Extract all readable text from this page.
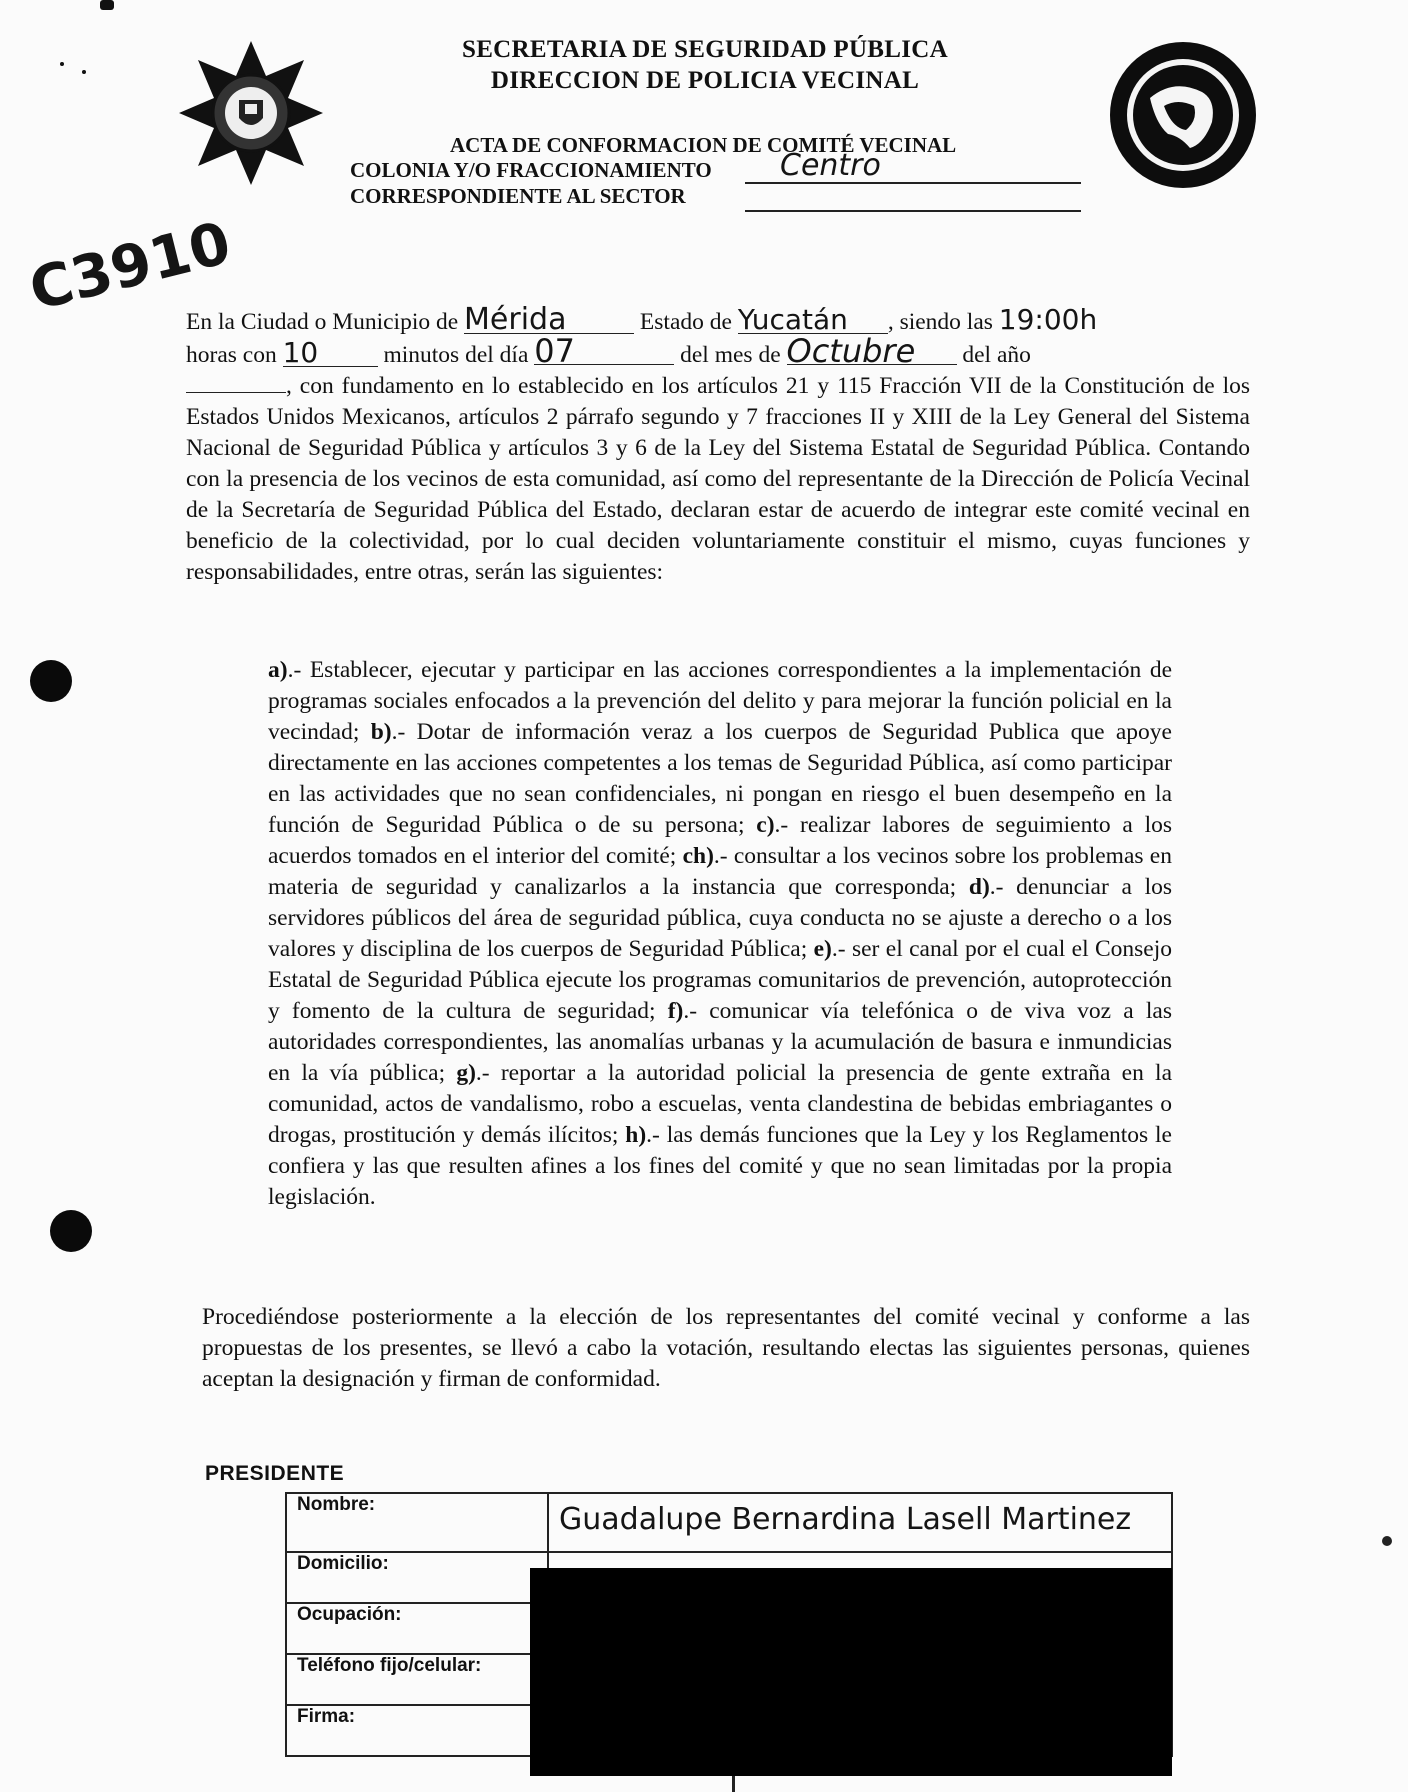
SECRETARIA DE SEGURIDAD PÚBLICA
DIRECCION DE POLICIA VECINAL
ACTA DE CONFORMACION DE COMITÉ VECINAL
COLONIA Y/O FRACCIONAMIENTO Centro
CORRESPONDIENTE AL SECTOR
C3910
En la Ciudad o Municipio de Mérida	Estado de Yucatán , siendo las 19:00h
horas con 10	minutos del día 07	del mes de Octubre del año
, con fundamento en lo establecido en los artículos 21 y 115 Fracción VII de la Constitución de los Estados Unidos Mexicanos, artículos 2 párrafo segundo y 7 fracciones II y XIII de la Ley General del Sistema Nacional de Seguridad Pública y artículos 3 y 6 de la Ley del Sistema Estatal de Seguridad Pública. Contando con la presencia de los vecinos de esta comunidad, así como del representante de la Dirección de Policía Vecinal de la Secretaría de Seguridad Pública del Estado, declaran estar de acuerdo de integrar este comité vecinal en beneficio de la colectividad, por lo cual deciden voluntariamente constituir el mismo, cuyas funciones y responsabilidades, entre otras, serán las siguientes:
a).- Establecer, ejecutar y participar en las acciones correspondientes a la implementación de programas sociales enfocados a la prevención del delito y para mejorar la función policial en la vecindad; b).- Dotar de información veraz a los cuerpos de Seguridad Publica que apoye directamente en las acciones competentes a los temas de Seguridad Pública, así como participar en las actividades que no sean confidenciales, ni pongan en riesgo el buen desempeño en la función de Seguridad Pública o de su persona; c).- realizar labores de seguimiento a los acuerdos tomados en el interior del comité; ch).- consultar a los vecinos sobre los problemas en materia de seguridad y canalizarlos a la instancia que corresponda; d).- denunciar a los servidores públicos del área de seguridad pública, cuya conducta no se ajuste a derecho o a los valores y disciplina de los cuerpos de Seguridad Pública; e).- ser el canal por el cual el Consejo Estatal de Seguridad Pública ejecute los programas comunitarios de prevención, autoprotección y fomento de la cultura de seguridad; f).- comunicar vía telefónica o de viva voz a las autoridades correspondientes, las anomalías urbanas y la acumulación de basura e inmundicias en la vía pública; g).- reportar a la autoridad policial la presencia de gente extraña en la comunidad, actos de vandalismo, robo a escuelas, venta clandestina de bebidas embriagantes o drogas, prostitución y demás ilícitos; h).- las demás funciones que la Ley y los Reglamentos le confiera y las que resulten afines a los fines del comité y que no sean limitadas por la propia legislación.
Procediéndose posteriormente a la elección de los representantes del comité vecinal y conforme a las propuestas de los presentes, se llevó a cabo la votación, resultando electas las siguientes personas, quienes aceptan la designación y firman de conformidad.
PRESIDENTE
Nombre:	Guadalupe Bernardina Lasell Martinez
Domicilio:	
Ocupación:	
Teléfono fijo/celular:	
Firma:	
